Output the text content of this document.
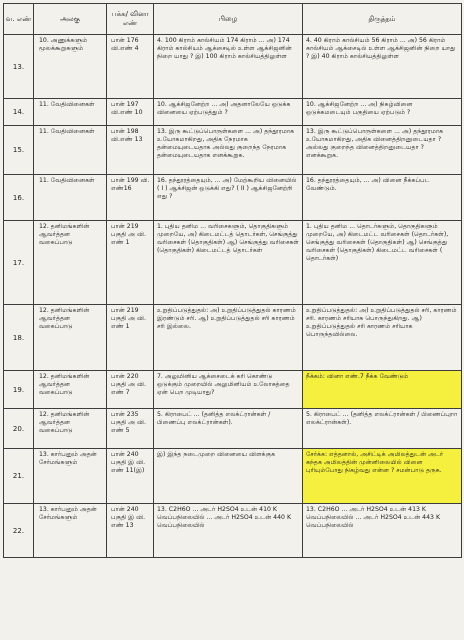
வ. எண்	அலகு	பக்க/ வினா எண்	பிழை	திருத்தம்
13.	10. அணுக்களும் மூலக்கூறுகளும்	பான் 176 வி.எண் 4	4. 100 கிராம் கால்சியம் 174 கிராம் ... அ) 174 கிராம் கால்சியம் ஆக்சைடில் உள்ள ஆக்சிஜனின் நிறை யாது ? இ) 100 கிராம் கால்சியத்திலுள்ள	4. 40 கிராம் கால்சியம் 56 கிராம் ... அ) 56 கிராம் கால்சியம் ஆக்சைடில் உள்ள ஆக்சிஜனின் நிறை யாது ? இ) 40 கிராம் கால்சியத்திலுள்ள
14.	11. வேதிவினைகள்	பான் 197 வி.எண் 10	10. ஆக்சிஜனேற்ற ... அ) அதனாலேயே ஒடுக்க வினையை ஏற்படுத்தும் ?	10. ஆக்சிஜனேற்ற ... அ) நிகழ்வினை ஒடுக்கமடையும் பகுதியை ஏற்படும் ?
15.	11. வேதிவினைகள்	பான் 198 வி.எண் 13	13. இரு கூட்டுப்பொருள்களை ... அ) தந்தூரமாக உயோகமாகிறது, அதிக நேரமாக தன்மையுடையதாக அல்லது குறைந்த நேரமாக தன்மையுடையதாக எனக்கூறுக.	13. இரு கூட்டுப்பொருள்களை ... அ) தந்தூரமாக உயோகமாகிறது, அதிக வினைத்திறனுடையதா ? அல்லது குறைந்த வினைத்திறனுடையதா ? எனக்கூறுக.
16.	11. வேதிவினைகள்	பான் 199 வி. எண்16	16. தந்தூரத்தையும், ... அ) மேற்கூறிய வினையில் ( I ) ஆக்சிஜன் ஒடுக்கி எது? ( II ) ஆக்சிஜனேற்றி எது ?	16. தந்தூரத்தையும், ... அ) வினை நீக்கப்பட வேண்டும்.
17.	12. தனிமங்களின் ஆவர்த்தன வகைப்பாடு	பான் 219 பகுதி அ வி. எண் 1	1. புதிய தனிம ... வரிசைகளும், தொகுதிகளும் முறையே, அ) கிடைமட்டத் தொடர்கள், செங்குத்து வரிசைகள் (தொகுதிகள்) ஆ) செங்குத்து வரிசைகள் (தொகுதிகள்) கிடைமட்டத் தொடர்கள்	1. புதிய தனிம ... தொடர்களும், தொகுதிகளும் முறையே, அ) கிடைமட்ட வரிசைகள் (தொடர்கள்), செங்குத்து வரிசைகள் (தொகுதிகள்) ஆ) செங்குத்து வரிசைகள் (தொகுதிகள்) கிடைமட்ட வரிசைகள் ( தொடர்கள்)
18.	12. தனிமங்களின் ஆவர்த்தன வகைப்பாடு	பான் 219 பகுதி அ வி. எண் 1	உறுதிப்படுத்துதல்: அ) உறுதிப்படுத்துதல் காரணம் இரண்டும் சரி. ஆ) உறுதிப்படுத்துதல் சரி காரணம் சரி இல்லை.	உறுதிப்படுத்துதல்: அ) உறுதிப்படுத்துதல் சரி, காரணம் சரி. காரணம் சரியாக பொருந்துகிறது. ஆ) உறுதிப்படுத்துதல் சரி காரணம் சரியாக பொருந்தவில்லை.
19.	12. தனிமங்களின் ஆவர்த்தன வகைப்பாடு	பான் 220 பகுதி அ வி. எண் 7	7. அலுமினிய ஆக்சைடைக் கரி கொண்டு ஒடுக்கும் முறையில் அலுமினியம் உலோகத்தை ஏன் பெற முடியாது?	நீக்கம்: வினா எண்.7 நீக்க வேண்டும்
20.	12. தனிமங்களின் ஆவர்த்தன வகைப்பாடு	பான் 235 பகுதி அ வி. எண் 5	5. கிராபைட் ... (தனித்த எலக்ட்ரான்கள் / பிணைப்பு எலக்ட்ரான்கள்).	5. கிராபைட் ... (தனித்த எலக்ட்ரான்கள் / பிணைப்புறா எலக்ட்ரான்கள்).
21.	13. கார்பனும் அதன் சேர்மங்களும்	பான் 240 பகுதி இ வி. எண் 11(இ)	இ) இந்த நடைமுறை வினையை விளக்குக	சேர்க்க: எத்தனால், அசிட்டிக் அமிலத்துடன் அடர் கந்தக அமிலத்தின் முன்னிலையில் வினை புரியும்போது நிகழ்வது என்ன ? சமன்பாடு தருக.
22.	13. கார்பனும் அதன் சேர்மங்களும்	பான் 240 பகுதி இ வி. எண் 13	13. C2H6O ... அடர் H2SO4 உடன் 410 K வெப்பநிலையில் ... அடர் H2SO4 உடன் 440 K வெப்பநிலையில்	13. C2H6O ... அடர் H2SO4 உடன் 413 K வெப்பநிலையில் ... அடர் H2SO4 உடன் 443 K வெப்பநிலையில்
